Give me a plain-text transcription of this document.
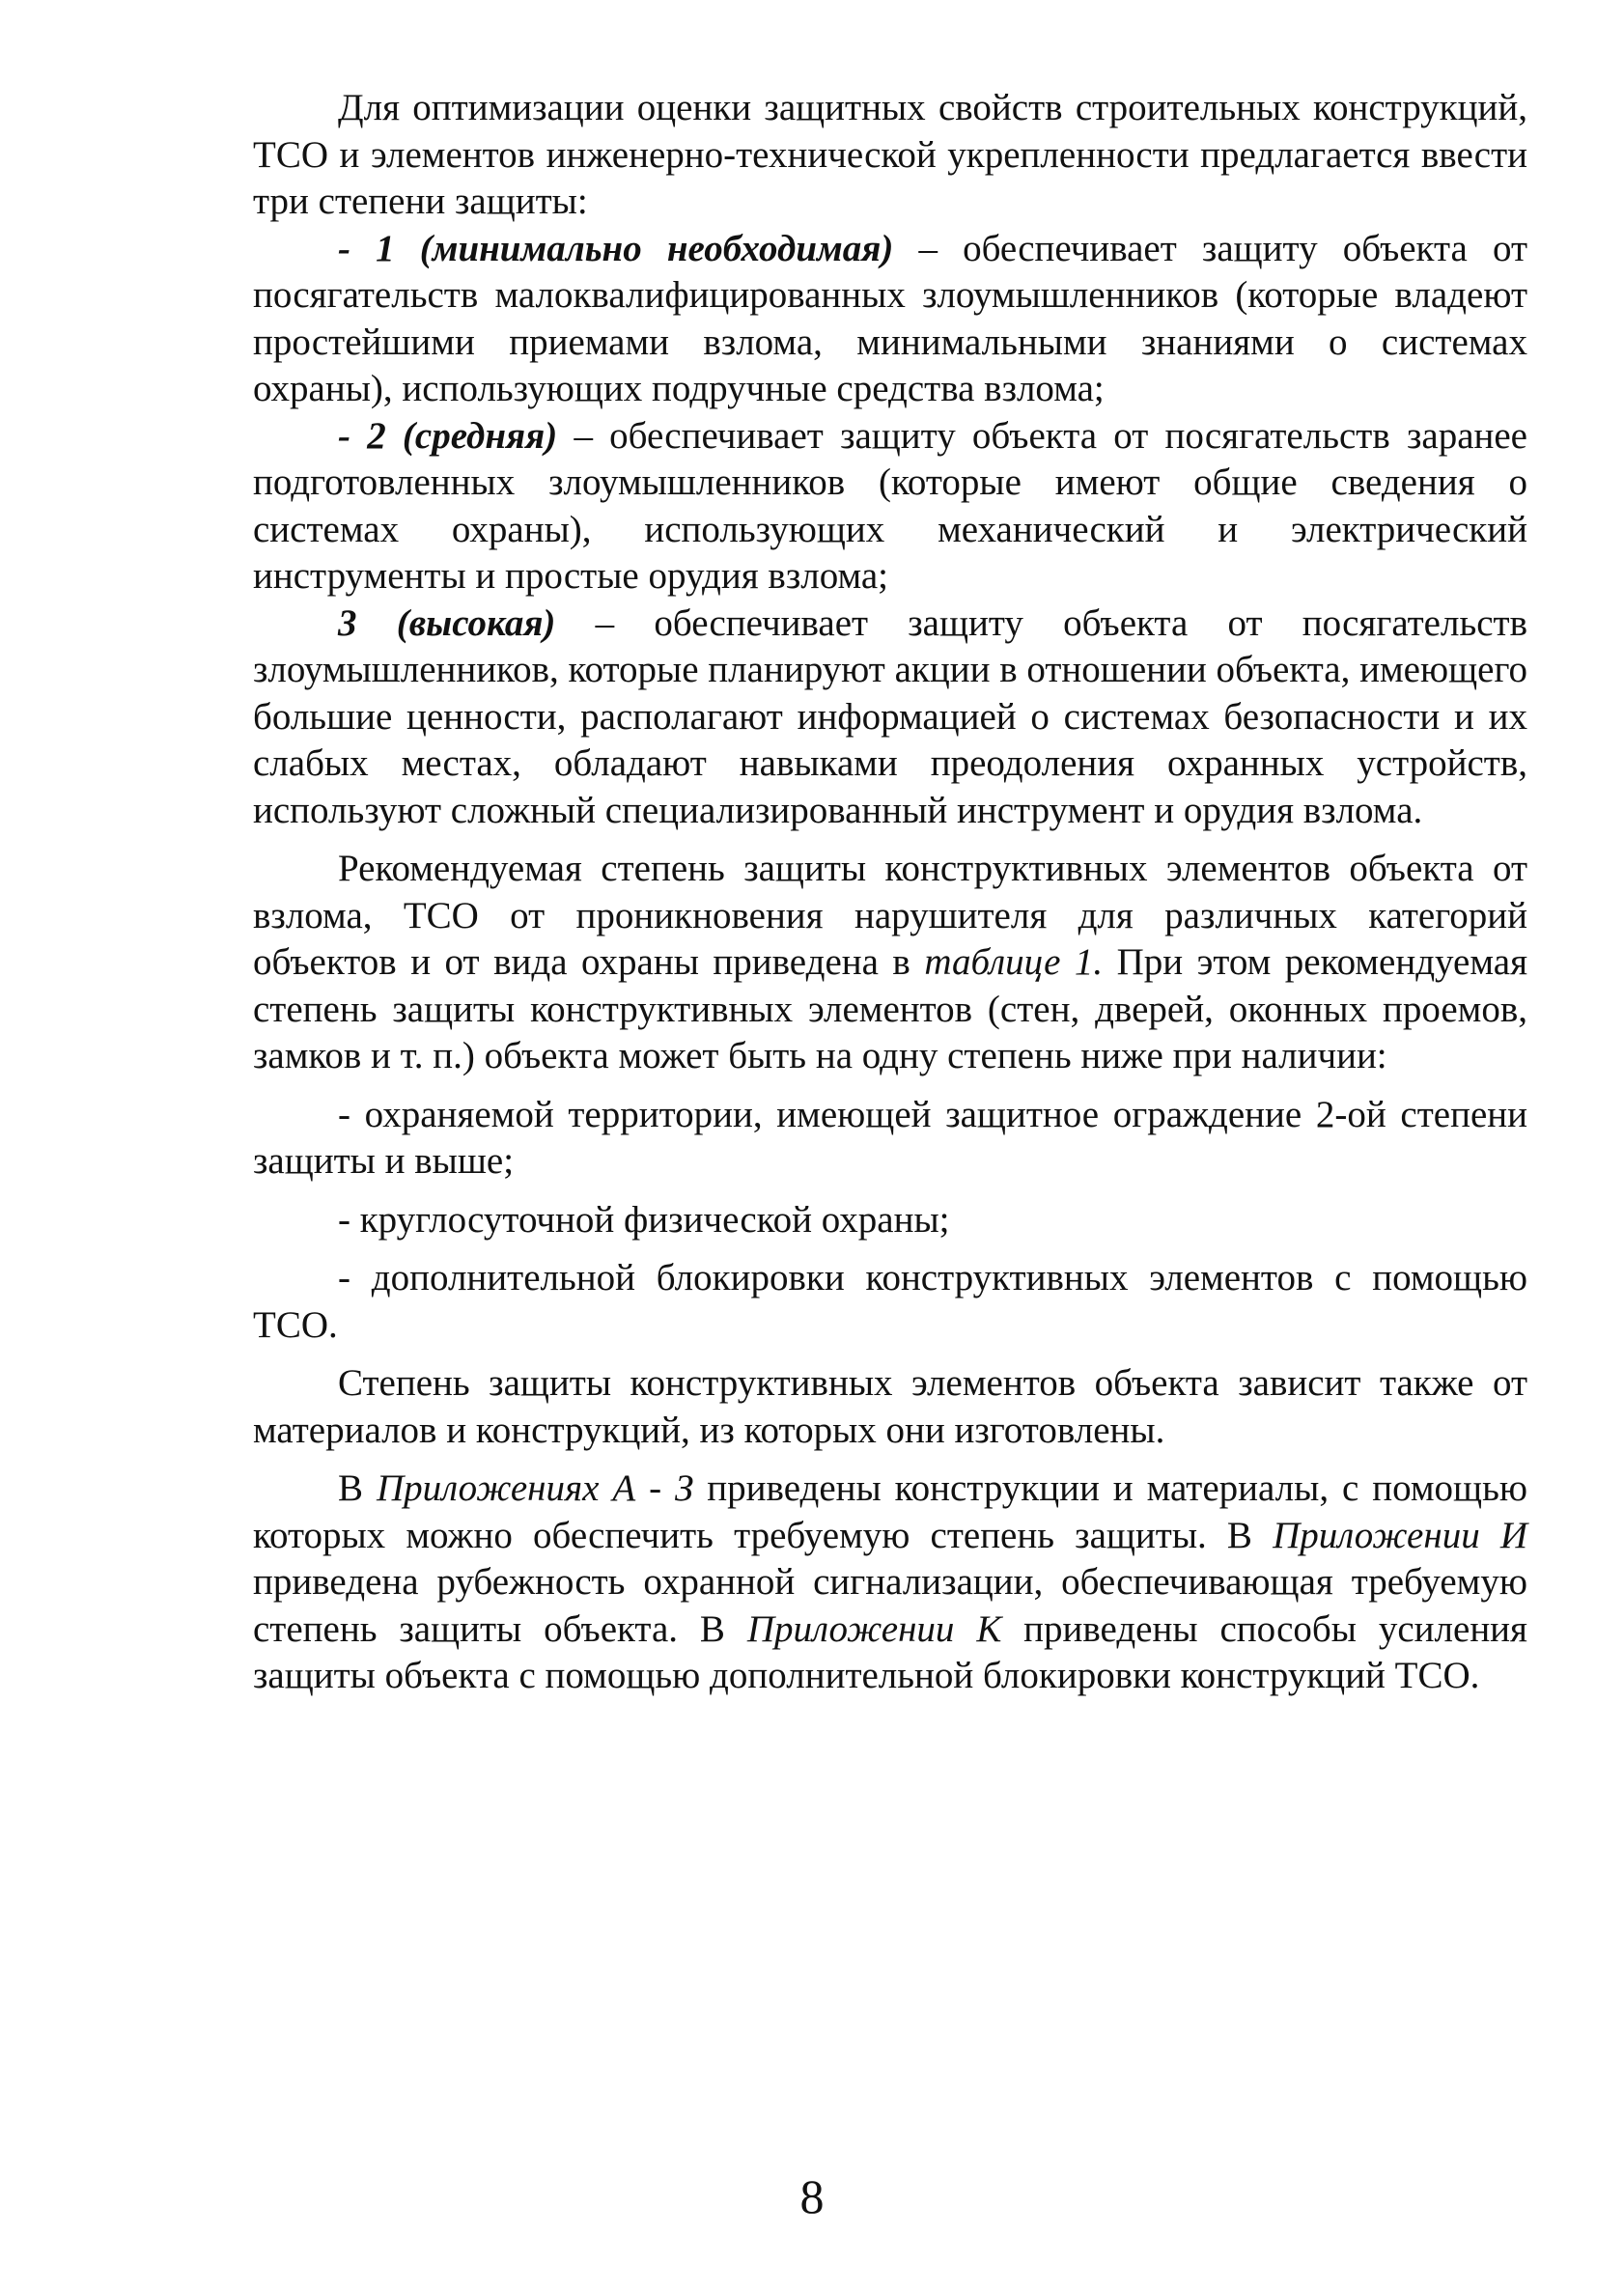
Для оптимизации оценки защитных свойств строительных конструкций, ТСО и элементов инженерно-технической укрепленности предлагается ввести три степени защиты:

- 1 (минимально необходимая) – обеспечивает защиту объекта от посягательств малоквалифицированных злоумышленников (которые владеют простейшими приемами взлома, минимальными знаниями о системах охраны), использующих подручные средства взлома;

- 2 (средняя) – обеспечивает защиту объекта от посягательств заранее подготовленных злоумышленников (которые имеют общие сведения о системах охраны), использующих механический и электрический инструменты и простые орудия взлома;

3 (высокая) – обеспечивает защиту объекта от посягательств злоумышленников, которые планируют акции в отношении объекта, имеющего большие ценности, располагают информацией о системах безопасности и их слабых местах, обладают навыками преодоления охранных устройств, используют сложный специализированный инструмент и орудия взлома.

Рекомендуемая степень защиты конструктивных элементов объекта от взлома, ТСО от проникновения нарушителя для различных категорий объектов и от вида охраны приведена в таблице 1. При этом рекомендуемая степень защиты конструктивных элементов (стен, дверей, оконных проемов, замков и т. п.) объекта может быть на одну степень ниже при наличии:

- охраняемой территории, имеющей защитное ограждение 2-ой степени защиты и выше;

- круглосуточной физической охраны;

- дополнительной блокировки конструктивных элементов с помощью ТСО.

Степень защиты конструктивных элементов объекта зависит также от материалов и конструкций, из которых они изготовлены.

В Приложениях А - З приведены конструкции и материалы, с помощью которых можно обеспечить требуемую степень защиты. В Приложении И приведена рубежность охранной сигнализации, обеспечивающая требуемую степень защиты объекта. В Приложении К приведены способы усиления защиты объекта с помощью дополнительной блокировки конструкций ТСО.

8
